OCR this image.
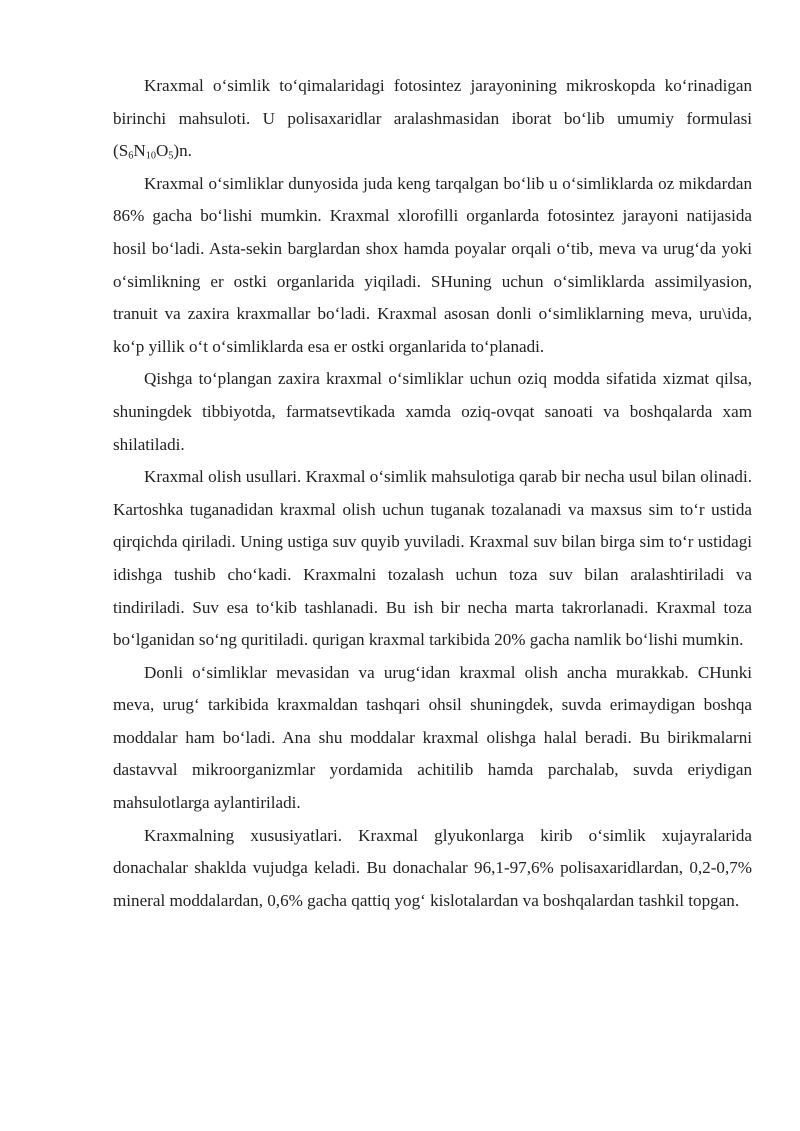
Kraxmal o‘simlik to‘qimalaridagi fotosintez jarayonining mikroskopda ko‘rinadigan birinchi mahsuloti. U polisaxaridlar aralashmasidan iborat bo‘lib umumiy formulasi $(S_6N_{10}O_5)n$.

Kraxmal o‘simliklar dunyosida juda keng tarqalgan bo‘lib u o‘simliklarda oz mikdardan 86% gacha bo‘lishi mumkin. Kraxmal xlorofilli organlarda fotosintez jarayoni natijasida hosil bo‘ladi. Asta-sekin barglardan shox hamda poyalar orqali o‘tib, meva va urug‘da yoki o‘simlikning er ostki organlarida yiqiladi. SHuning uchun o‘simliklarda assimilyasion, tranuit va zaxira kraxmallar bo‘ladi. Kraxmal asosan donli o‘simliklarning meva, uru\ida, ko‘p yillik o‘t o‘simliklarda esa er ostki organlarida to‘planadi.

Qishga to‘plangan zaxira kraxmal o‘simliklar uchun oziq modda sifatida xizmat qilsa, shuningdek tibbiyotda, farmatsevtikada xamda oziq-ovqat sanoati va boshqalarda xam shilatiladi.

Kraxmal olish usullari. Kraxmal o‘simlik mahsulotiga qarab bir necha usul bilan olinadi. Kartoshka tuganadidan kraxmal olish uchun tuganak tozalanadi va maxsus sim to‘r ustida qirqichda qiriladi. Uning ustiga suv quyib yuviladi. Kraxmal suv bilan birga sim to‘r ustidagi idishga tushib cho‘kadi. Kraxmalni tozalash uchun toza suv bilan aralashtiriladi va tindiriladi. Suv esa to‘kib tashlanadi. Bu ish bir necha marta takrorlanadi. Kraxmal toza bo‘lganidan so‘ng quritiladi. qurigan kraxmal tarkibida 20% gacha namlik bo‘lishi mumkin.

Donli o‘simliklar mevasidan va urug‘idan kraxmal olish ancha murakkab. CHunki meva, urug‘ tarkibida kraxmaldan tashqari ohsil shuningdek, suvda erimaydigan boshqa moddalar ham bo‘ladi. Ana shu moddalar kraxmal olishga halal beradi. Bu birikmalarni dastavval mikroorganizmlar yordamida achitilib hamda parchalab, suvda eriydigan mahsulotlarga aylantiriladi.

Kraxmalning xususiyatlari. Kraxmal glyukonlarga kirib o‘simlik xujayralarida donachalar shaklda vujudga keladi. Bu donachalar 96,1-97,6% polisaxaridlardan, 0,2-0,7% mineral moddalardan, 0,6% gacha qattiq yog‘ kislotalardan va boshqalardan tashkil topgan.
